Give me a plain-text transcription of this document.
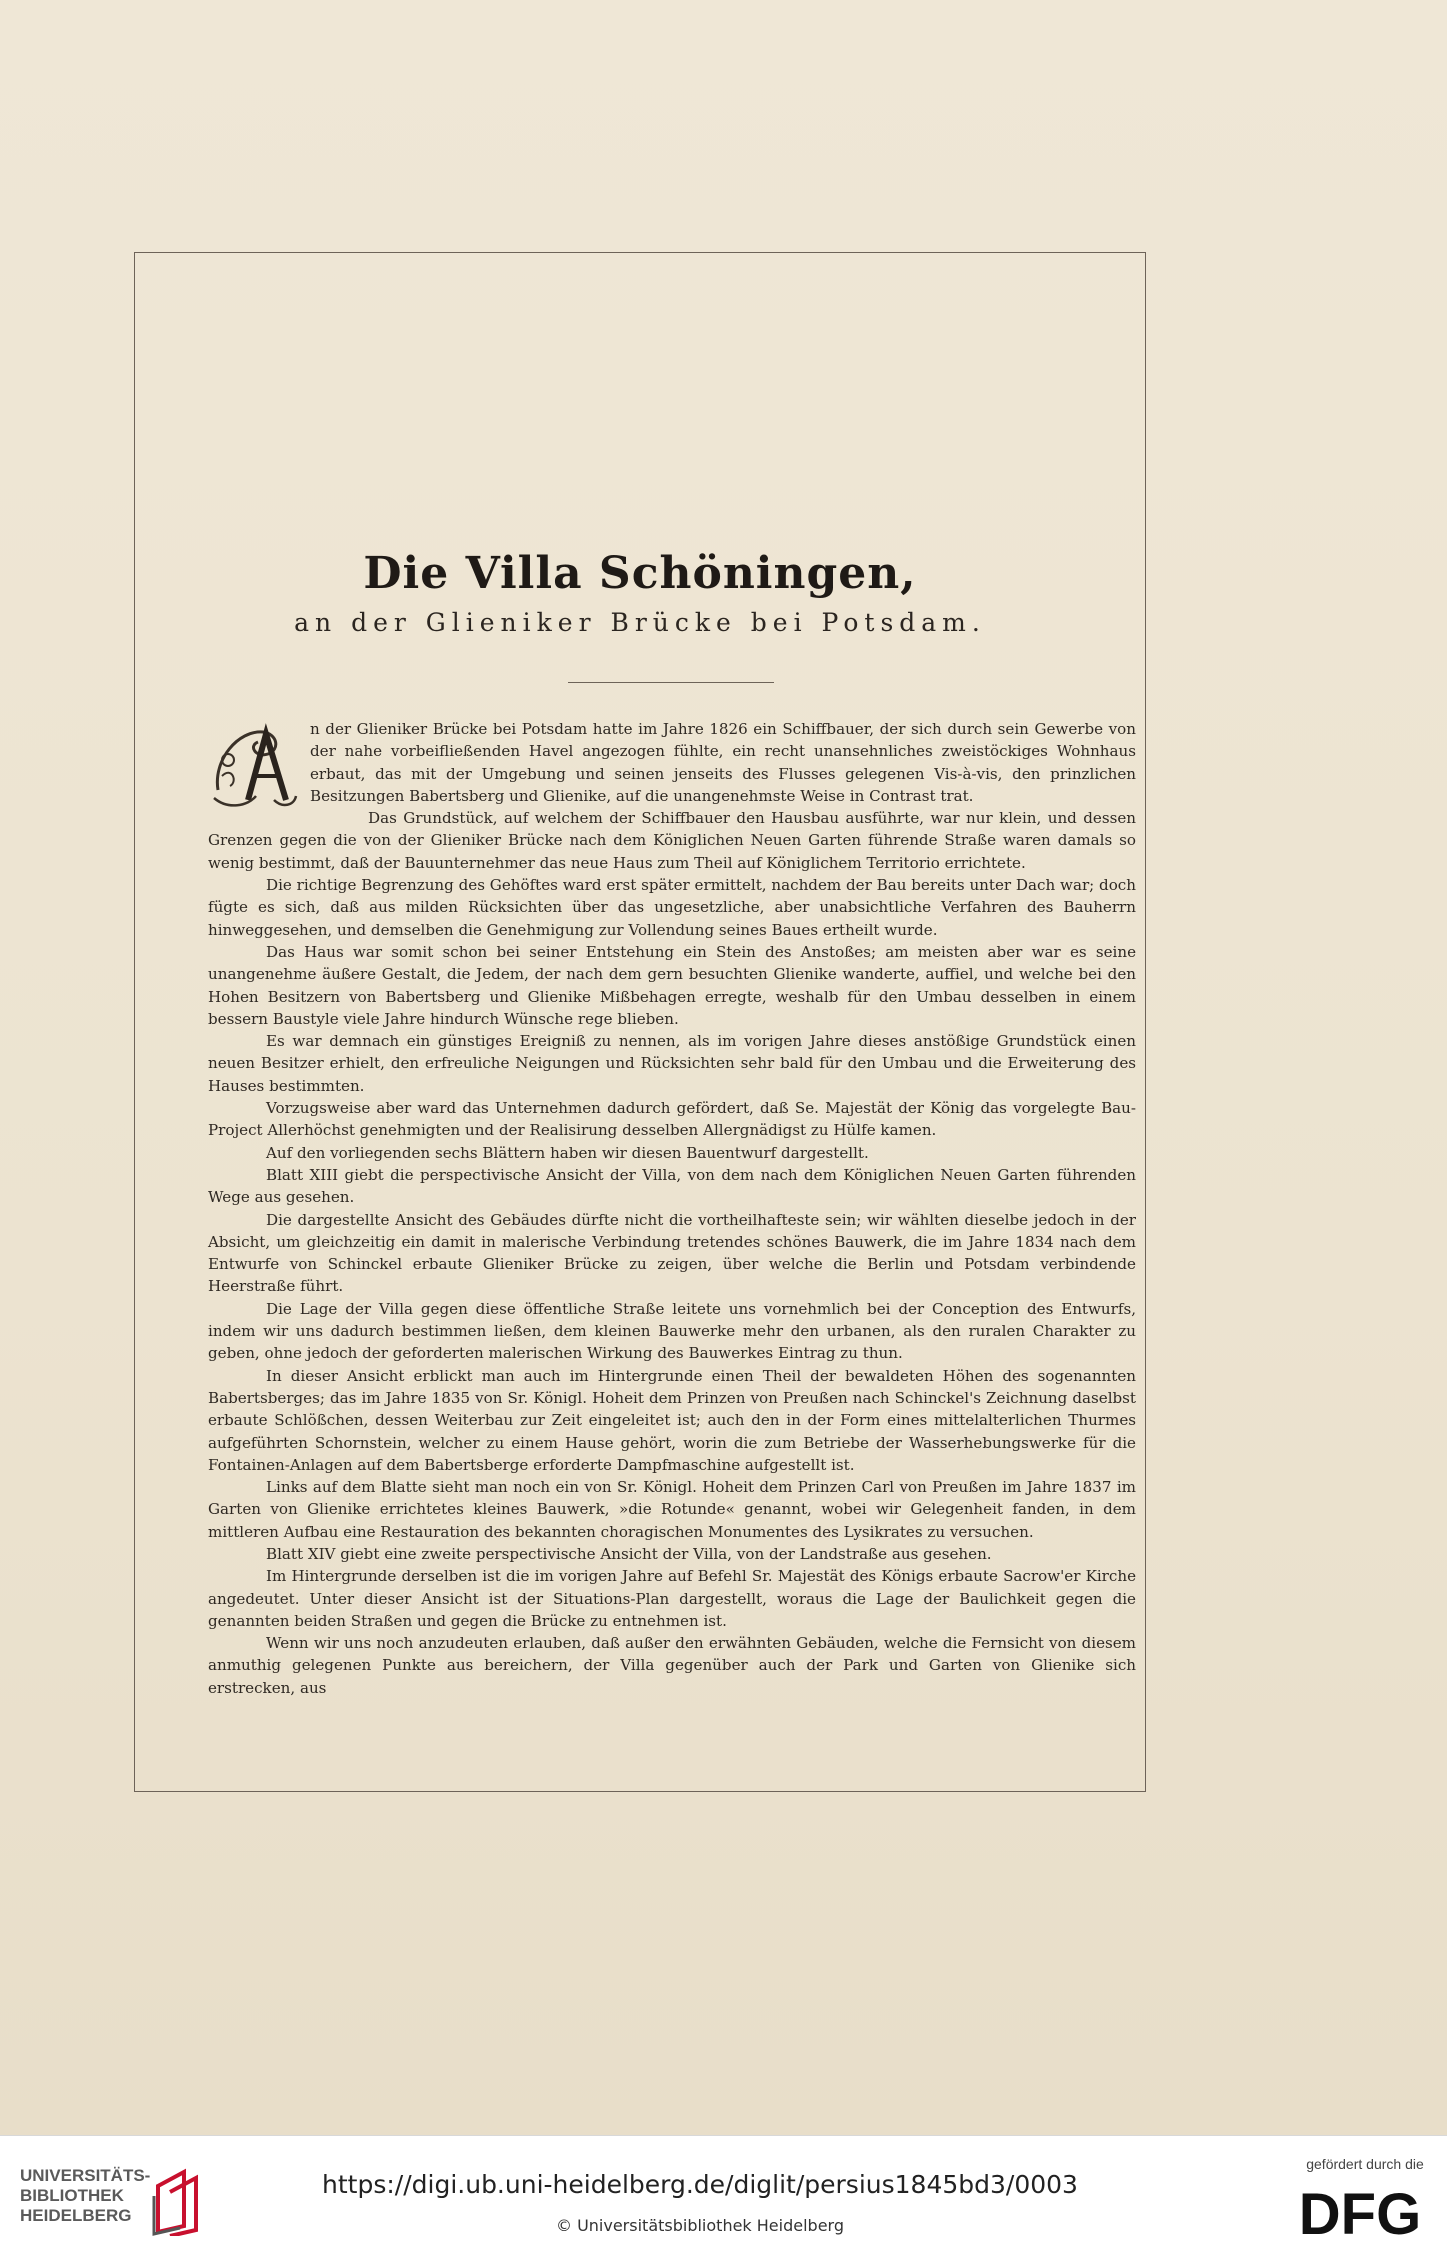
Die Villa Schöningen,
an der Glieniker Brücke bei Potsdam.

n der Glieniker Brücke bei Potsdam hatte im Jahre 1826 ein Schiffbauer, der sich durch sein Gewerbe von der nahe vorbeifließenden Havel angezogen fühlte, ein recht unansehnliches zweistöckiges Wohnhaus erbaut, das mit der Umgebung und seinen jenseits des Flusses gelegenen Vis-à-vis, den prinzlichen Besitzungen Babertsberg und Glienike, auf die unangenehmste Weise in Contrast trat.

Das Grundstück, auf welchem der Schiffbauer den Hausbau ausführte, war nur klein, und dessen Grenzen gegen die von der Glieniker Brücke nach dem Königlichen Neuen Garten führende Straße waren damals so wenig bestimmt, daß der Bauunternehmer das neue Haus zum Theil auf Königlichem Territorio errichtete.

Die richtige Begrenzung des Gehöftes ward erst später ermittelt, nachdem der Bau bereits unter Dach war; doch fügte es sich, daß aus milden Rücksichten über das ungesetzliche, aber unabsichtliche Verfahren des Bauherrn hinweggesehen, und demselben die Genehmigung zur Vollendung seines Baues ertheilt wurde.

Das Haus war somit schon bei seiner Entstehung ein Stein des Anstoßes; am meisten aber war es seine unangenehme äußere Gestalt, die Jedem, der nach dem gern besuchten Glienike wanderte, auffiel, und welche bei den Hohen Besitzern von Babertsberg und Glienike Mißbehagen erregte, weshalb für den Umbau desselben in einem bessern Baustyle viele Jahre hindurch Wünsche rege blieben.

Es war demnach ein günstiges Ereigniß zu nennen, als im vorigen Jahre dieses anstößige Grundstück einen neuen Besitzer erhielt, den erfreuliche Neigungen und Rücksichten sehr bald für den Umbau und die Erweiterung des Hauses bestimmten.

Vorzugsweise aber ward das Unternehmen dadurch gefördert, daß Se. Majestät der König das vorgelegte Bau-Project Allerhöchst genehmigten und der Realisirung desselben Allergnädigst zu Hülfe kamen.

Auf den vorliegenden sechs Blättern haben wir diesen Bauentwurf dargestellt.

Blatt XIII giebt die perspectivische Ansicht der Villa, von dem nach dem Königlichen Neuen Garten führenden Wege aus gesehen.

Die dargestellte Ansicht des Gebäudes dürfte nicht die vortheilhafteste sein; wir wählten dieselbe jedoch in der Absicht, um gleichzeitig ein damit in malerische Verbindung tretendes schönes Bauwerk, die im Jahre 1834 nach dem Entwurfe von Schinckel erbaute Glieniker Brücke zu zeigen, über welche die Berlin und Potsdam verbindende Heerstraße führt.

Die Lage der Villa gegen diese öffentliche Straße leitete uns vornehmlich bei der Conception des Entwurfs, indem wir uns dadurch bestimmen ließen, dem kleinen Bauwerke mehr den urbanen, als den ruralen Charakter zu geben, ohne jedoch der geforderten malerischen Wirkung des Bauwerkes Eintrag zu thun.

In dieser Ansicht erblickt man auch im Hintergrunde einen Theil der bewaldeten Höhen des sogenannten Babertsberges; das im Jahre 1835 von Sr. Königl. Hoheit dem Prinzen von Preußen nach Schinckel's Zeichnung daselbst erbaute Schlößchen, dessen Weiterbau zur Zeit eingeleitet ist; auch den in der Form eines mittelalterlichen Thurmes aufgeführten Schornstein, welcher zu einem Hause gehört, worin die zum Betriebe der Wasserhebungswerke für die Fontainen-Anlagen auf dem Babertsberge erforderte Dampfmaschine aufgestellt ist.

Links auf dem Blatte sieht man noch ein von Sr. Königl. Hoheit dem Prinzen Carl von Preußen im Jahre 1837 im Garten von Glienike errichtetes kleines Bauwerk, »die Rotunde« genannt, wobei wir Gelegenheit fanden, in dem mittleren Aufbau eine Restauration des bekannten choragischen Monumentes des Lysikrates zu versuchen.

Blatt XIV giebt eine zweite perspectivische Ansicht der Villa, von der Landstraße aus gesehen.

Im Hintergrunde derselben ist die im vorigen Jahre auf Befehl Sr. Majestät des Königs erbaute Sacrow'er Kirche angedeutet. Unter dieser Ansicht ist der Situations-Plan dargestellt, woraus die Lage der Baulichkeit gegen die genannten beiden Straßen und gegen die Brücke zu entnehmen ist.

Wenn wir uns noch anzudeuten erlauben, daß außer den erwähnten Gebäuden, welche die Fernsicht von diesem anmuthig gelegenen Punkte aus bereichern, der Villa gegenüber auch der Park und Garten von Glienike sich erstrecken, aus

UNIVERSITÄTS-
BIBLIOTHEK
HEIDELBERG
https://digi.ub.uni-heidelberg.de/diglit/persius1845bd3/0003
© Universitätsbibliothek Heidelberg
gefördert durch die
DFG
